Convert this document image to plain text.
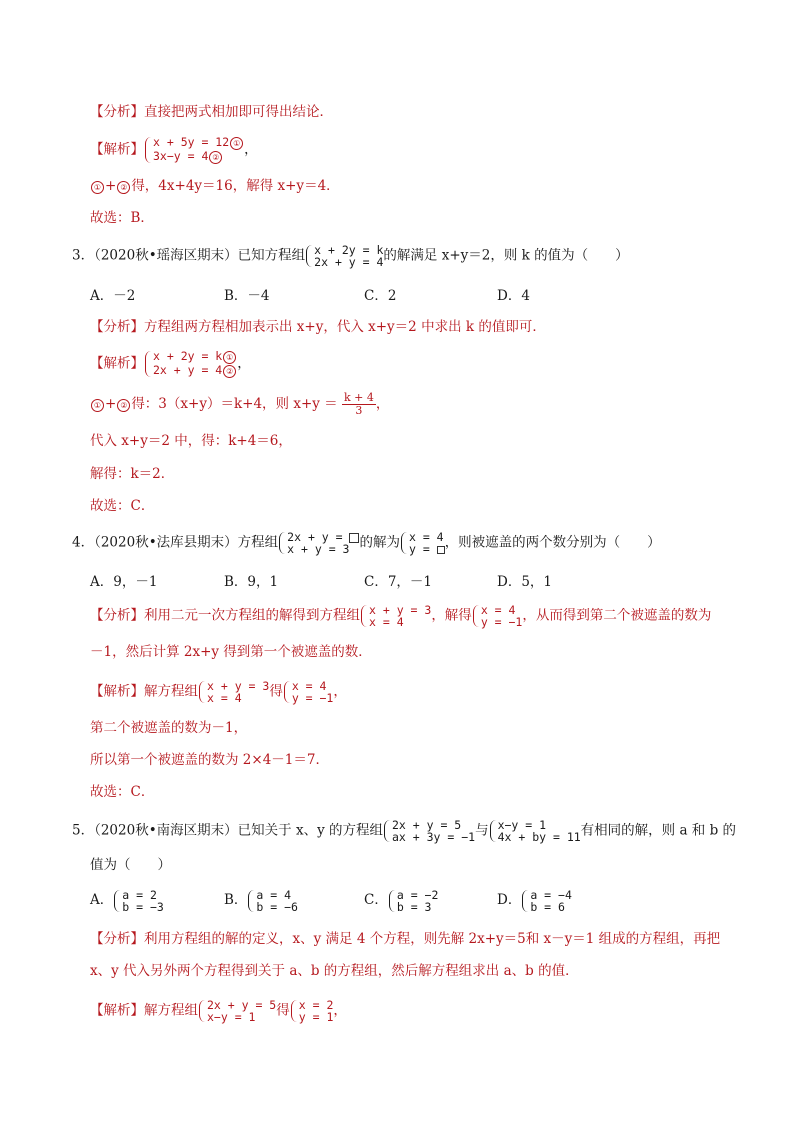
【分析】直接把两式相加即可得出结论．
【解析】 x + 5y = 12 ①
3x−y = 4 ②	，
① + ② 得，4x+4y＝16，解得 x+y＝4．
故选：B．
3．（2020秋•瑶海区期末）已知方程组 x + 2y = k
2x + y = 4 的解满足 x+y＝2，则 k 的值为（　　）
A．－2	B．－4	C．2	D．4
【分析】方程组两方程相加表示出 x+y，代入 x+y＝2 中求出 k 的值即可．
【解析】 x + 2y = k ①
2x + y = 4 ② ，
① + ② 得：3（x+y）＝k+4，则 $x+y = \frac{k + 4}{3}$ ，
代入 x+y＝2 中，得：k+4＝6，
解得：k＝2．
故选：C．
4．（2020秋•法库县期末）方程组 2x + y =
x + y = 3 的解为 x = 4
y = ，则被遮盖的两个数分别为（　　）
A．9，－1	B．9，1	C．7，－1	D．5，1
【分析】利用二元一次方程组的解得到方程组 x + y = 3
x = 4	，解得 x = 4
y = −1 ，从而得到第二个被遮盖的数为
－1，然后计算 2x+y 得到第一个被遮盖的数．
【解析】解方程组 x + y = 3
x = 4	得 x = 4
y = −1 ，
第二个被遮盖的数为－1，
所以第一个被遮盖的数为 2×4－1＝7．
故选：C．
5．（2020秋•南海区期末）已知关于 x、y 的方程组 2x + y = 5
ax + 3y = −1 与 x−y = 1
4x + by = 11 有相同的解，则 a 和 b 的
值为（　　）
A． a = 2
b = −3	B． a = 4
b = −6	C． a = −2
b = 3	D． a = −4
b = 6
【分析】利用方程组的解的定义，x、y 满足 4 个方程，则先解 2x+y＝5和 x－y＝1 组成的方程组，再把
x、y 代入另外两个方程得到关于 a、b 的方程组，然后解方程组求出 a、b 的值．
【解析】解方程组 2x + y = 5
x−y = 1	得 x = 2
y = 1 ，
